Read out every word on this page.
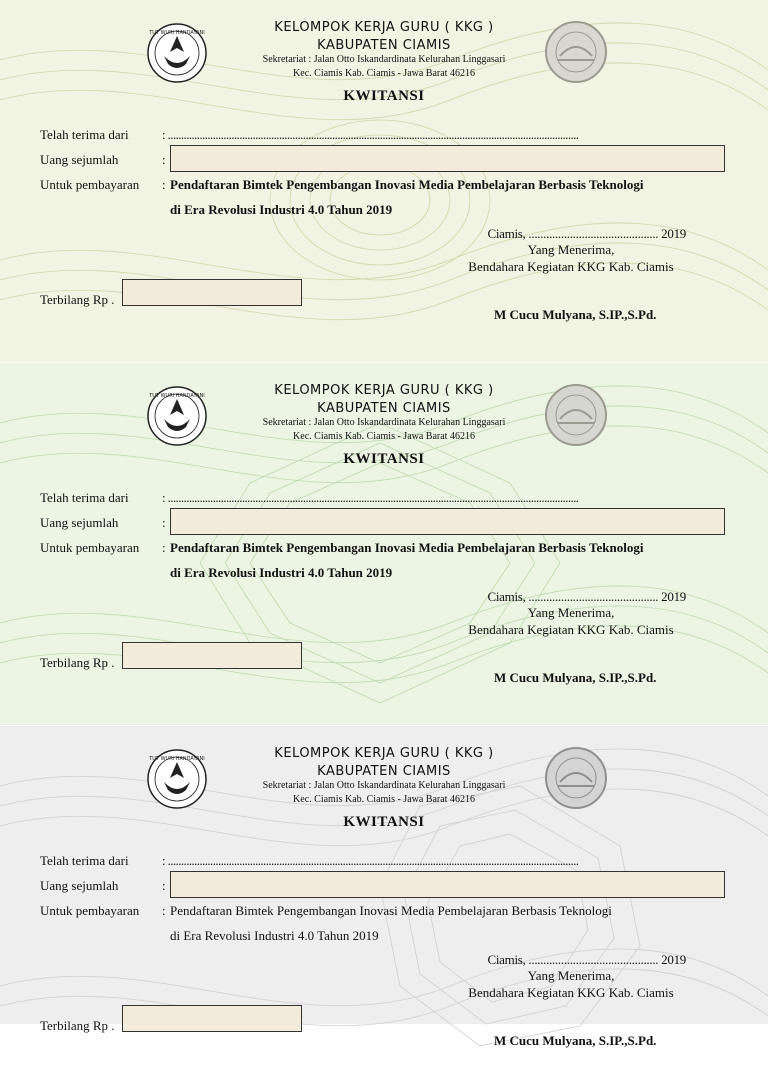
TUT WURI HANDAYANI	KELOMPOK KERJA GURU ( KKG )
KABUPATEN CIAMIS
Sekretariat : Jalan Otto Iskandardinata Kelurahan Linggasari
Kec. Ciamis Kab. Ciamis - Jawa Barat 46216
KWITANSI
Telah terima dari	: ...........................................................................................................................................................
Uang sejumlah	:
Untuk pembayaran : Pendaftaran Bimtek Pengembangan Inovasi Media Pembelajaran Berbasis Teknologi
di Era Revolusi Industri 4.0 Tahun 2019
Ciamis, ............................................ 2019
Yang Menerima,
Bendahara Kegiatan KKG Kab. Ciamis
Terbilang Rp .
M Cucu Mulyana, S.IP.,S.Pd.
TUT WURI HANDAYANI	KELOMPOK KERJA GURU ( KKG )
KABUPATEN CIAMIS
Sekretariat : Jalan Otto Iskandardinata Kelurahan Linggasari
Kec. Ciamis Kab. Ciamis - Jawa Barat 46216
KWITANSI
Telah terima dari	: ...........................................................................................................................................................
Uang sejumlah	:
Untuk pembayaran : Pendaftaran Bimtek Pengembangan Inovasi Media Pembelajaran Berbasis Teknologi
di Era Revolusi Industri 4.0 Tahun 2019
Ciamis, ............................................ 2019
Yang Menerima,
Bendahara Kegiatan KKG Kab. Ciamis
Terbilang Rp .
M Cucu Mulyana, S.IP.,S.Pd.
TUT WURI HANDAYANI	KELOMPOK KERJA GURU ( KKG )
KABUPATEN CIAMIS
Sekretariat : Jalan Otto Iskandardinata Kelurahan Linggasari
Kec. Ciamis Kab. Ciamis - Jawa Barat 46216
KWITANSI
Telah terima dari	: ...........................................................................................................................................................
Uang sejumlah	:
Untuk pembayaran : Pendaftaran Bimtek Pengembangan Inovasi Media Pembelajaran Berbasis Teknologi
di Era Revolusi Industri 4.0 Tahun 2019
Ciamis, ............................................ 2019
Yang Menerima,
Bendahara Kegiatan KKG Kab. Ciamis
Terbilang Rp .
M Cucu Mulyana, S.IP.,S.Pd.
